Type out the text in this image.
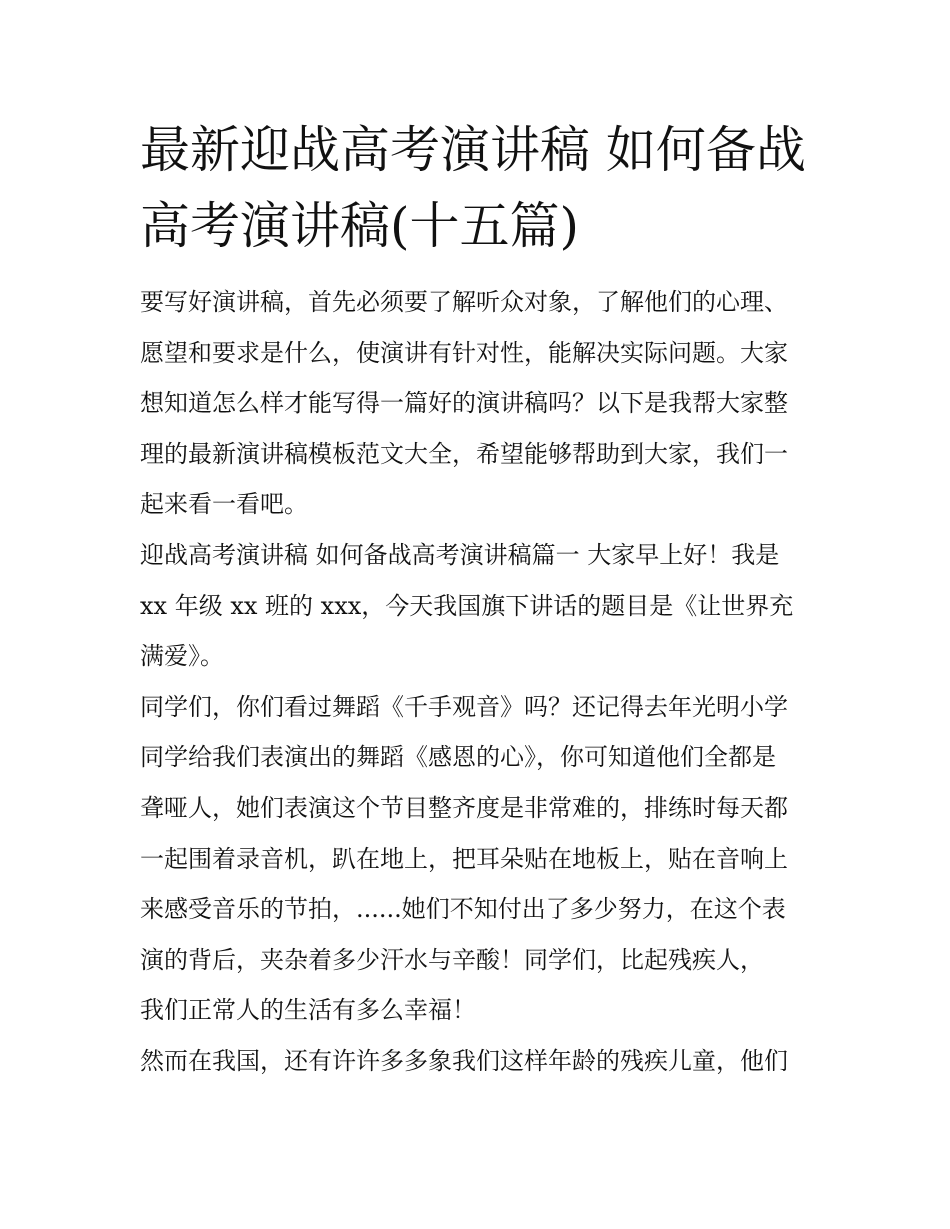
最新迎战高考演讲稿 如何备战
高考演讲稿(十五篇)

要写好演讲稿，首先必须要了解听众对象，了解他们的心理、
愿望和要求是什么，使演讲有针对性，能解决实际问题。大家
想知道怎么样才能写得一篇好的演讲稿吗？以下是我帮大家整
理的最新演讲稿模板范文大全，希望能够帮助到大家，我们一
起来看一看吧。

迎战高考演讲稿 如何备战高考演讲稿篇一 大家早上好！我是
xx 年级 xx 班的 xxx，今天我国旗下讲话的题目是《让世界充
满爱》。

同学们，你们看过舞蹈《千手观音》吗？还记得去年光明小学
同学给我们表演出的舞蹈《感恩的心》，你可知道他们全都是
聋哑人，她们表演这个节目整齐度是非常难的，排练时每天都
一起围着录音机，趴在地上，把耳朵贴在地板上，贴在音响上
来感受音乐的节拍，......她们不知付出了多少努力，在这个表
演的背后，夹杂着多少汗水与辛酸！同学们，比起残疾人，
我们正常人的生活有多么幸福！

然而在我国，还有许许多多象我们这样年龄的残疾儿童，他们
